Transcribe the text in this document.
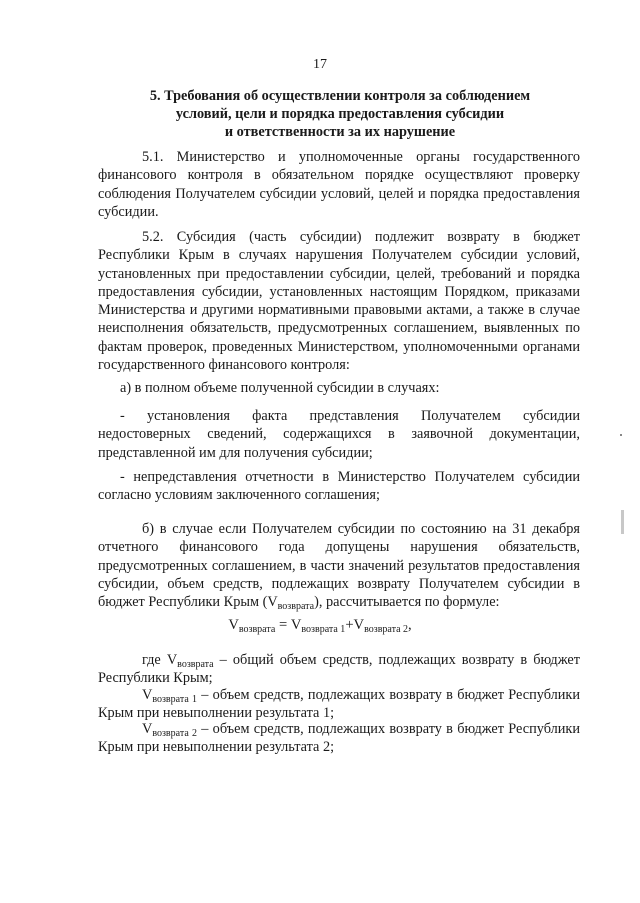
17
5. Требования об осуществлении контроля за соблюдением
условий, цели и порядка предоставления субсидии
и ответственности за их нарушение
5.1. Министерство и уполномоченные органы государственного финансового контроля в обязательном порядке осуществляют проверку соблюдения Получателем субсидии условий, целей и порядка предоставления субсидии.
5.2. Субсидия (часть субсидии) подлежит возврату в бюджет Республики Крым в случаях нарушения Получателем субсидии условий, установленных при предоставлении субсидии, целей, требований и порядка предоставления субсидии, установленных настоящим Порядком, приказами Министерства и другими нормативными правовыми актами, а также в случае неисполнения обязательств, предусмотренных соглашением, выявленных по фактам проверок, проведенных Министерством, уполномоченными органами государственного финансового контроля:
а) в полном объеме полученной субсидии в случаях:
- установления факта представления Получателем субсидии недостоверных сведений, содержащихся в заявочной документации, представленной им для получения субсидии;
- непредставления отчетности в Министерство Получателем субсидии согласно условиям заключенного соглашения;
б) в случае если Получателем субсидии по состоянию на 31 декабря отчетного финансового года допущены нарушения обязательств, предусмотренных соглашением, в части значений результатов предоставления субсидии, объем средств, подлежащих возврату Получателем субсидии в бюджет Республики Крым $(V_{возврата})$, рассчитывается по формуле:
$V_{возврата} = V_{возврата 1}+V_{возврата 2}$,
где $V_{возврата}$ – общий объем средств, подлежащих возврату в бюджет Республики Крым;
$V_{возврата 1}$ – объем средств, подлежащих возврату в бюджет Республики Крым при невыполнении результата 1;
$V_{возврата 2}$ – объем средств, подлежащих возврату в бюджет Республики Крым при невыполнении результата 2;
